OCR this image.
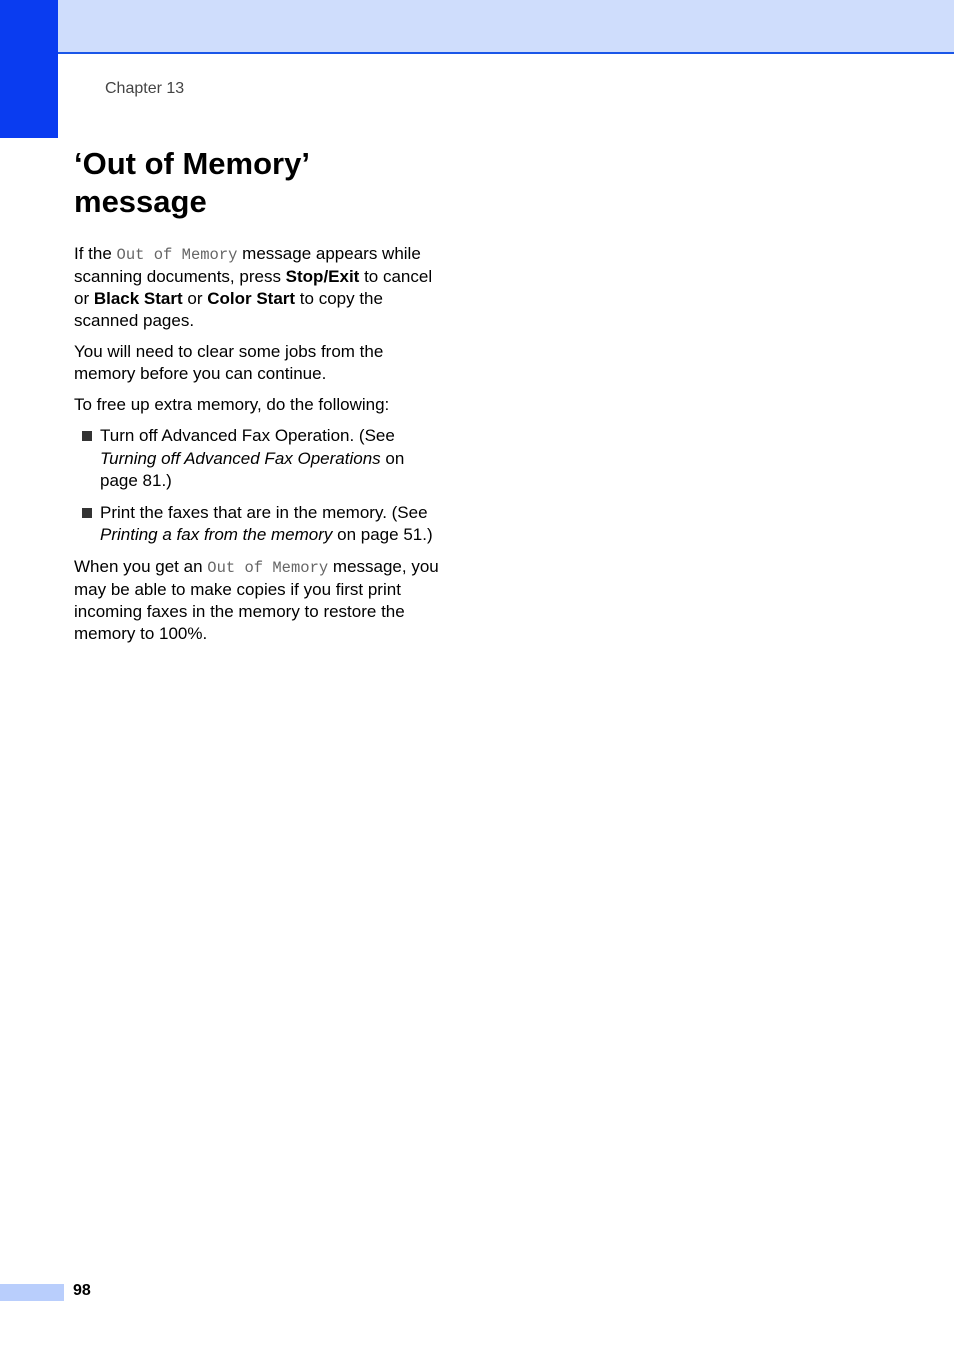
Chapter 13
‘Out of Memory’
message

If the Out of Memory message appears while scanning documents, press Stop/Exit to cancel or Black Start or Color Start to copy the scanned pages.

You will need to clear some jobs from the memory before you can continue.

To free up extra memory, do the following:

Turn off Advanced Fax Operation. (See Turning off Advanced Fax Operations on page 81.)
Print the faxes that are in the memory. (See Printing a fax from the memory on page 51.)

When you get an Out of Memory message, you may be able to make copies if you first print incoming faxes in the memory to restore the memory to 100%.

98
